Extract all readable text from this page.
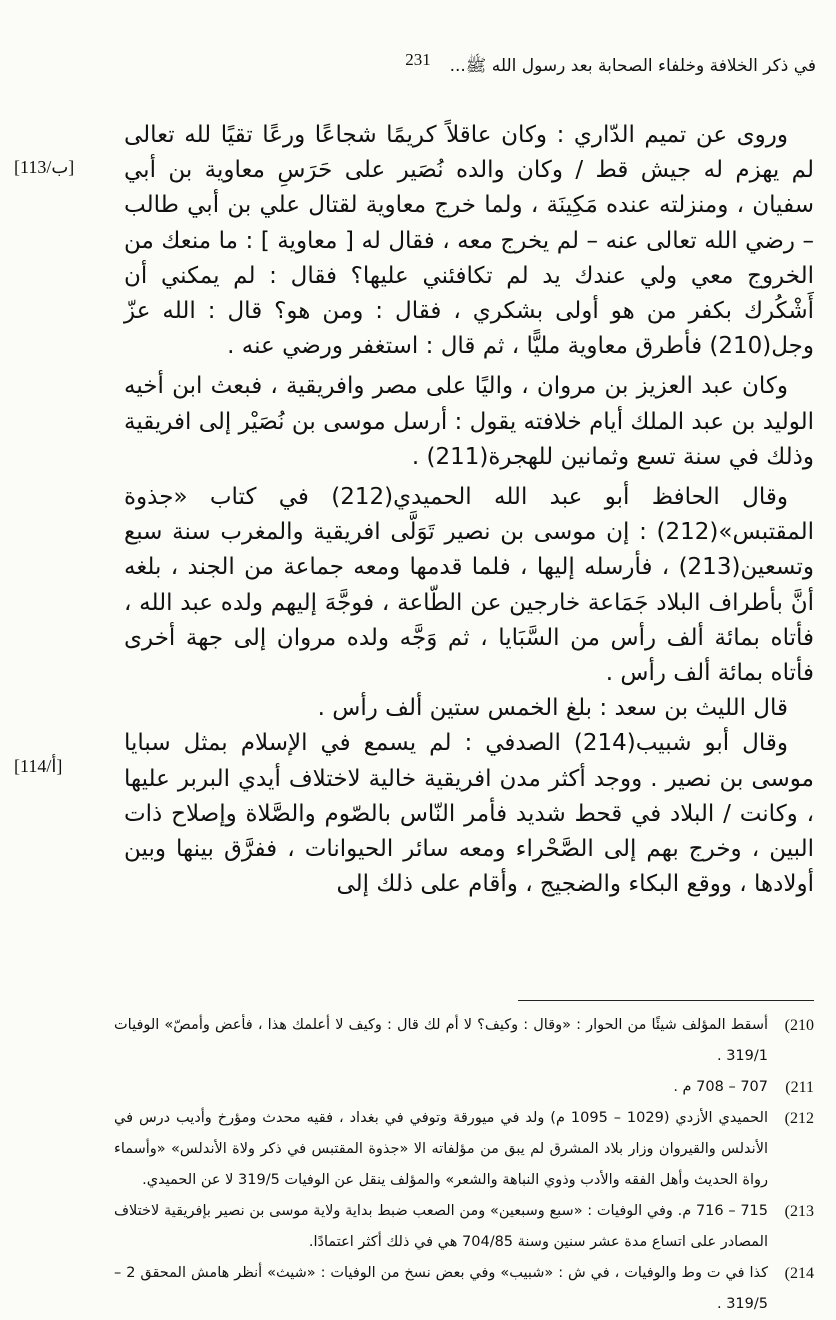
231	في ذكر الخلافة وخلفاء الصحابة بعد رسول الله ﷺ...
[113/ب]
[114/أ]

وروى عن تميم الدّاري : وكان عاقلاً كريمًا شجاعًا ورعًا تقيًا لله تعالى لم يهزم له جيش قط / وكان والده نُصَير على حَرَسِ معاوية بن أبي سفيان ، ومنزلته عنده مَكِينَة ، ولما خرج معاوية لقتال علي بن أبي طالب – رضي الله تعالى عنه – لم يخرج معه ، فقال له [ معاوية ] : ما منعك من الخروج معي ولي عندك يد لم تكافئني عليها؟ فقال : لم يمكني أن أَشْكُرك بكفر من هو أولى بشكري ، فقال : ومن هو؟ قال : الله عزّ وجل(210) فأطرق معاوية مليًّا ، ثم قال : استغفر ورضي عنه .

وكان عبد العزيز بن مروان ، واليًا على مصر وافريقية ، فبعث ابن أخيه الوليد بن عبد الملك أيام خلافته يقول : أرسل موسى بن نُصَيْر إلى افريقية وذلك في سنة تسع وثمانين للهجرة(211) .

وقال الحافظ أبو عبد الله الحميدي(212) في كتاب «جذوة المقتبس»(212) : إن موسى بن نصير تَوَلَّى افريقية والمغرب سنة سبع وتسعين(213) ، فأرسله إليها ، فلما قدمها ومعه جماعة من الجند ، بلغه أنَّ بأطراف البلاد جَمَاعة خارجين عن الطّاعة ، فوجَّهَ إليهم ولده عبد الله ، فأتاه بمائة ألف رأس من السَّبَايا ، ثم وَجَّه ولده مروان إلى جهة أخرى فأتاه بمائة ألف رأس .

قال الليث بن سعد : بلغ الخمس ستين ألف رأس .

وقال أبو شبيب(214) الصدفي : لم يسمع في الإسلام بمثل سبايا موسى بن نصير . ووجد أكثر مدن افريقية خالية لاختلاف أيدي البربر عليها ، وكانت / البلاد في قحط شديد فأمر النّاس بالصّوم والصَّلاة وإصلاح ذات البين ، وخرج بهم إلى الصَّحْراء ومعه سائر الحيوانات ، ففرَّق بينها وبين أولادها ، ووقع البكاء والضجيج ، وأقام على ذلك إلى

210)
أسقط المؤلف شيئًا من الحوار : «وقال : وكيف؟ لا أم لك قال : وكيف لا أعلمك هذا ، فأعض وأمصّ» الوفيات 319/1 .
211)
707 – 708 م .
212)
الحميدي الأزدي (1029 – 1095 م) ولد في ميورقة وتوفي في بغداد ، فقيه محدث ومؤرخ وأديب درس في الأندلس والقيروان وزار بلاد المشرق لم يبق من مؤلفاته الا «جذوة المقتبس في ذكر ولاة الأندلس» «وأسماء رواة الحديث وأهل الفقه والأدب وذوي النباهة والشعر» والمؤلف ينقل عن الوفيات 319/5 لا عن الحميدي.
213)
715 – 716 م. وفي الوفيات : «سبع وسبعين» ومن الصعب ضبط بداية ولاية موسى بن نصير بإفريقية لاختلاف المصادر على اتساع مدة عشر سنين وسنة 704/85 هي في ذلك أكثر اعتمادًا.
214)
كذا في ت وط والوفيات ، في ش : «شبيب» وفي بعض نسخ من الوفيات : «شيث» أنظر هامش المحقق 2 – 319/5 .
